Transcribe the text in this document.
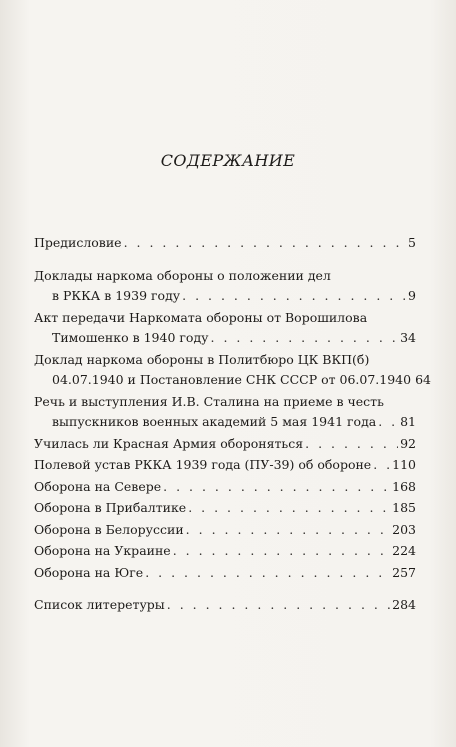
СОДЕРЖАНИЕ
Предисловие . . .	5
Доклады наркома обороны о положении дел
в РККА в 1939 году . . .	9
Акт передачи Наркомата обороны от Ворошилова
Тимошенко в 1940 году . . .	34
Доклад наркома обороны в Политбюро ЦК ВКП(б)
04.07.1940 и Постановление СНК СССР от 06.07.1940 64
Речь и выступления И.В. Сталина на приеме в честь
выпускников военных академий 5 мая 1941 года . . . 81
Училась ли Красная Армия обороняться . . .	92
Полевой устав РККА 1939 года (ПУ-39) об обороне . . . 110
Оборона на Севере . . .	168
Оборона в Прибалтике . . .	185
Оборона в Белоруссии . . .	203
Оборона на Украине . . .	224
Оборона на Юге . . .	257
Список литеретуры . . .	284
